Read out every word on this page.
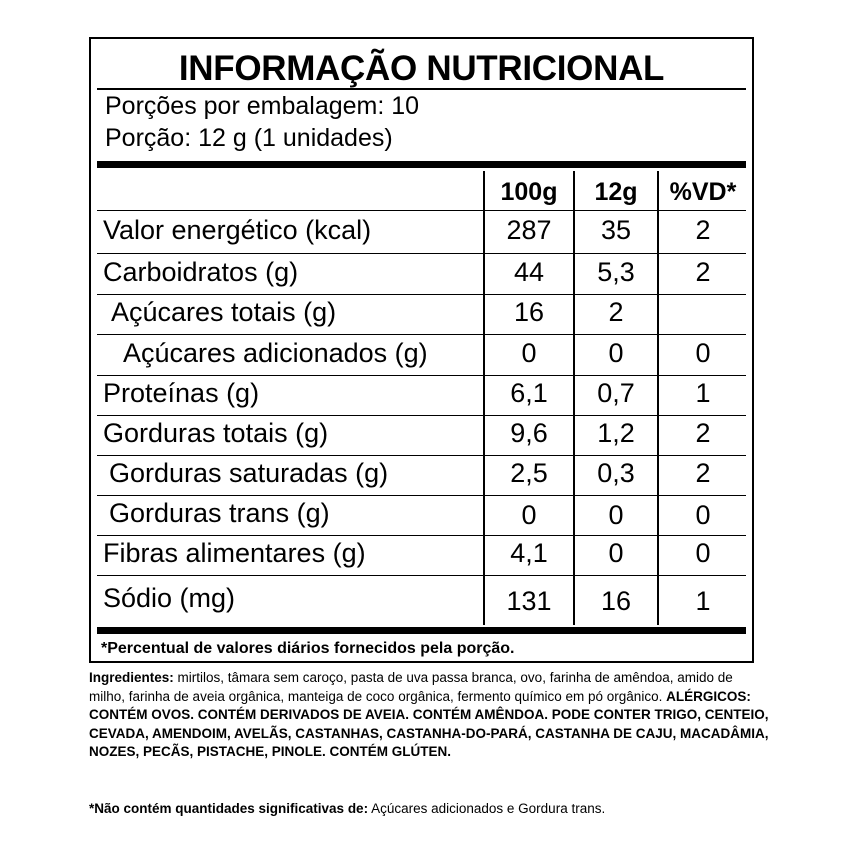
INFORMAÇÃO NUTRICIONAL
Porções por embalagem: 10
Porção: 12 g (1 unidades)
100g	12g	%VD*
Valor energético (kcal)	287	35	2
Carboidratos (g)	44	5,3	2
Açúcares totais (g)	16	2
Açúcares adicionados (g)	0	0	0
Proteínas (g)	6,1	0,7	1
Gorduras totais (g)	9,6	1,2	2
Gorduras saturadas (g)	2,5	0,3	2
Gorduras trans (g)	0	0	0
Fibras alimentares (g)	4,1	0	0
Sódio (mg)	131	16	1
*Percentual de valores diários fornecidos pela porção.
Ingredientes: mirtilos, tâmara sem caroço, pasta de uva passa branca, ovo, farinha de amêndoa, amido de milho, farinha de aveia orgânica, manteiga de coco orgânica, fermento químico em pó orgânico. ALÉRGICOS: CONTÉM OVOS. CONTÉM DERIVADOS DE AVEIA. CONTÉM AMÊNDOA. PODE CONTER TRIGO, CENTEIO, CEVADA, AMENDOIM, AVELÃS, CASTANHAS, CASTANHA-DO-PARÁ, CASTANHA DE CAJU, MACADÂMIA, NOZES, PECÃS, PISTACHE, PINOLE. CONTÉM GLÚTEN.
*Não contém quantidades significativas de: Açúcares adicionados e Gordura trans.
